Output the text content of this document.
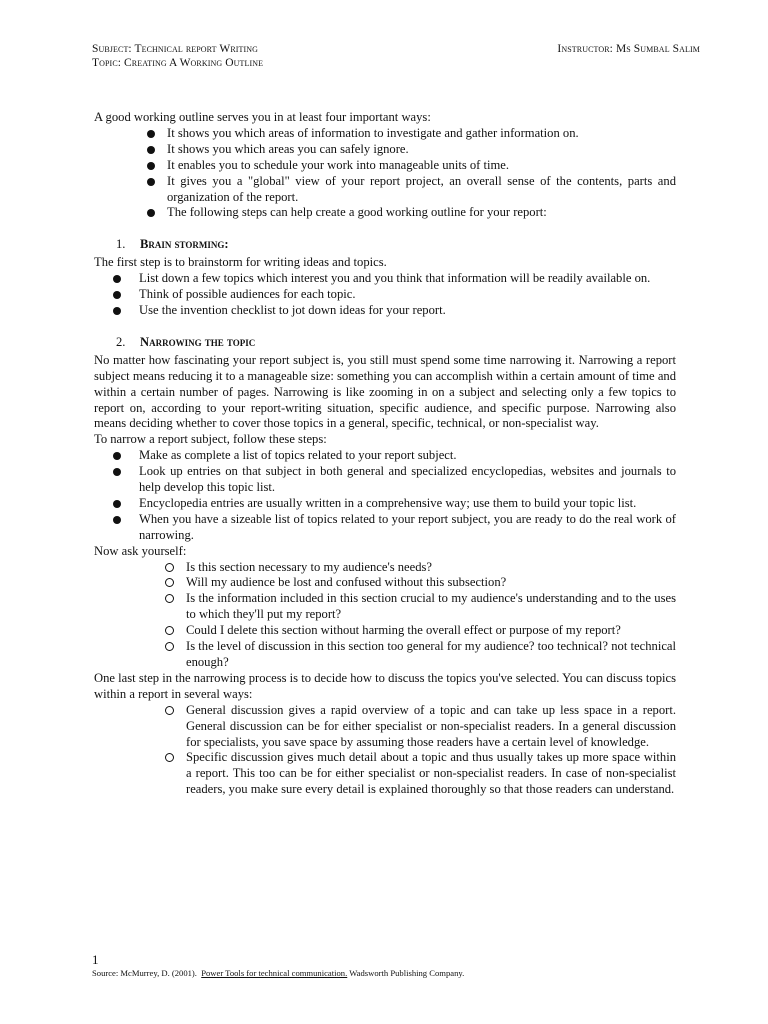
Subject: Technical report Writing	Instructor: Ms Sumbal Salim
Topic: Creating A Working Outline

A good working outline serves you in at least four important ways:

It shows you which areas of information to investigate and gather information on.
It shows you which areas you can safely ignore.
It enables you to schedule your work into manageable units of time.
It gives you a "global" view of your report project, an overall sense of the contents, parts and organization of the report.
The following steps can help create a good working outline for your report:
1. Brain storming:

The first step is to brainstorm for writing ideas and topics.

List down a few topics which interest you and you think that information will be readily available on.
Think of possible audiences for each topic.
Use the invention checklist to jot down ideas for your report.
2. Narrowing the topic

No matter how fascinating your report subject is, you still must spend some time narrowing it. Narrowing a report subject means reducing it to a manageable size: something you can accomplish within a certain amount of time and within a certain number of pages. Narrowing is like zooming in on a subject and selecting only a few topics to report on, according to your report-writing situation, specific audience, and specific purpose. Narrowing also means deciding whether to cover those topics in a general, specific, technical, or non-specialist way.

To narrow a report subject, follow these steps:

Make as complete a list of topics related to your report subject.
Look up entries on that subject in both general and specialized encyclopedias, websites and journals to help develop this topic list.
Encyclopedia entries are usually written in a comprehensive way; use them to build your topic list.
When you have a sizeable list of topics related to your report subject, you are ready to do the real work of narrowing.

Now ask yourself:

Is this section necessary to my audience's needs?
Will my audience be lost and confused without this subsection?
Is the information included in this section crucial to my audience's understanding and to the uses to which they'll put my report?
Could I delete this section without harming the overall effect or purpose of my report?
Is the level of discussion in this section too general for my audience? too technical? not technical enough?

One last step in the narrowing process is to decide how to discuss the topics you've selected. You can discuss topics within a report in several ways:

General discussion gives a rapid overview of a topic and can take up less space in a report. General discussion can be for either specialist or non-specialist readers. In a general discussion for specialists, you save space by assuming those readers have a certain level of knowledge.
Specific discussion gives much detail about a topic and thus usually takes up more space within a report. This too can be for either specialist or non-specialist readers. In case of non-specialist readers, you make sure every detail is explained thoroughly so that those readers can understand.
1
Source: McMurrey, D. (2001). Power Tools for technical communication. Wadsworth Publishing Company.
